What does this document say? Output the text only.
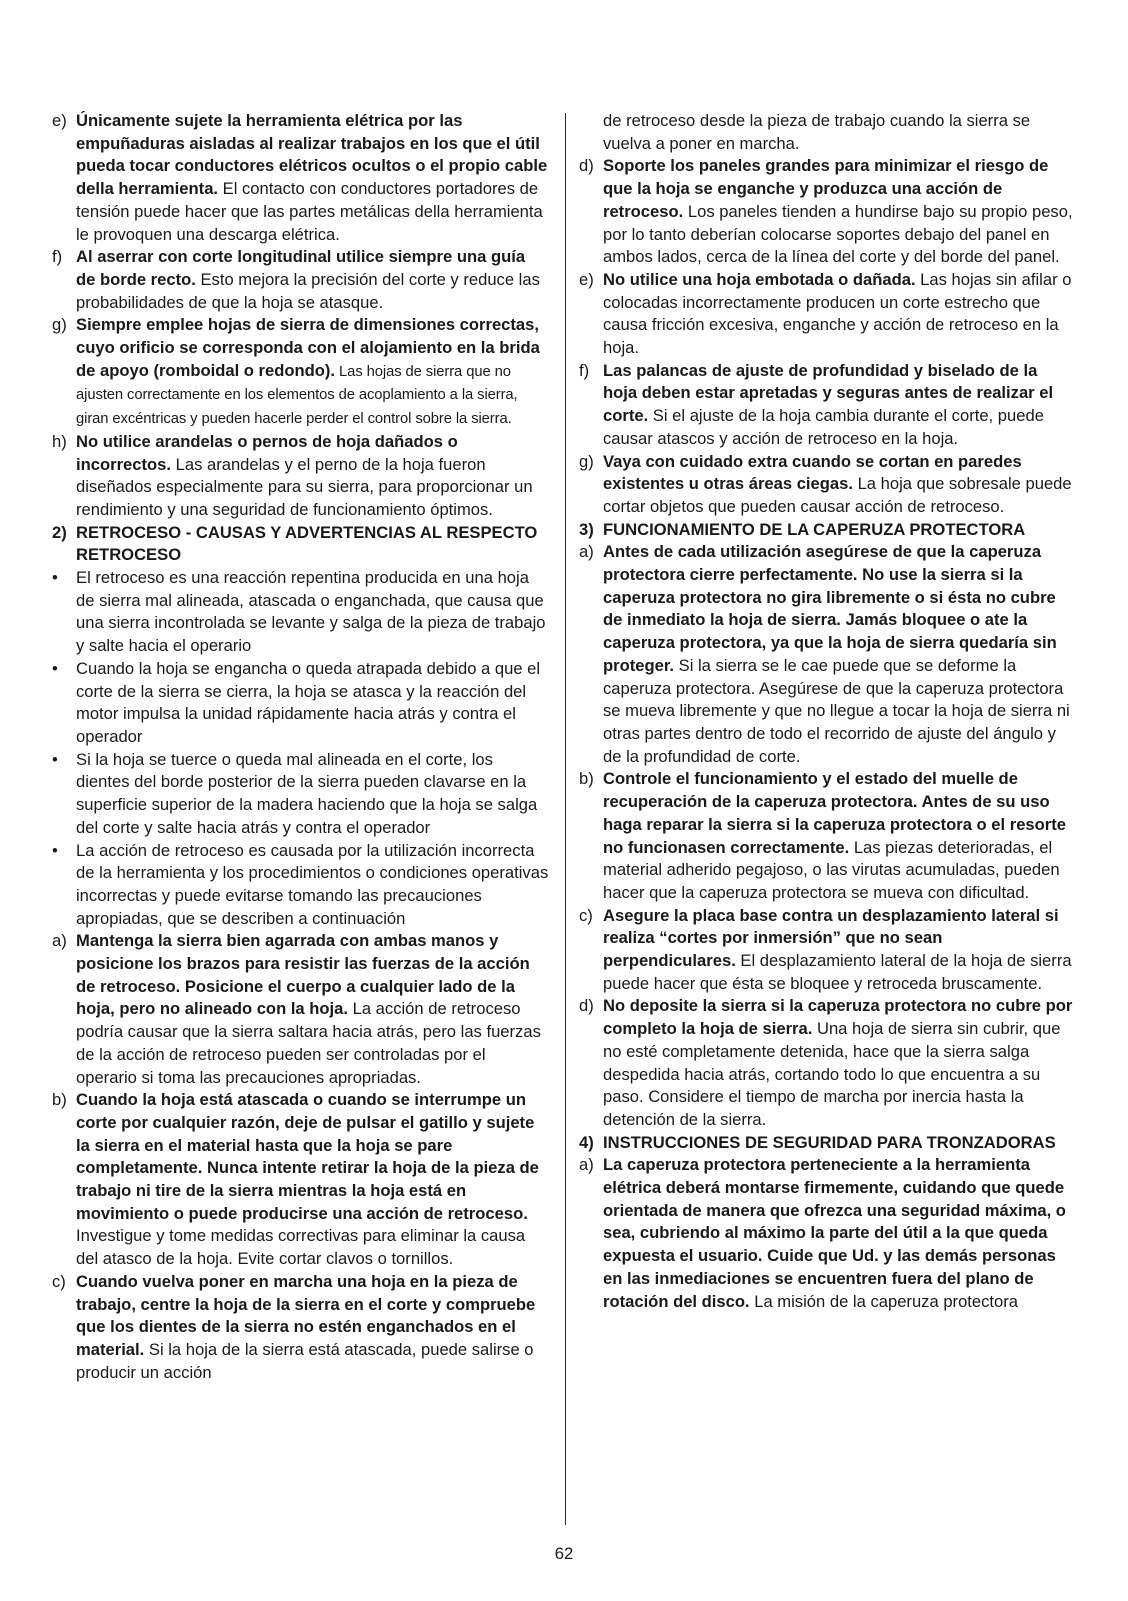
e) Únicamente sujete la herramienta elétrica por las empuñaduras aisladas al realizar trabajos en los que el útil pueda tocar conductores elétricos ocultos o el propio cable della herramienta. El contacto con conductores portadores de tensión puede hacer que las partes metálicas della herramienta le provoquen una descarga elétrica.
f) Al aserrar con corte longitudinal utilice siempre una guía de borde recto. Esto mejora la precisión del corte y reduce las probabilidades de que la hoja se atasque.
g) Siempre emplee hojas de sierra de dimensiones correctas, cuyo orificio se corresponda con el alojamiento en la brida de apoyo (romboidal o redondo). Las hojas de sierra que no ajusten correctamente en los elementos de acoplamiento a la sierra, giran excéntricas y pueden hacerle perder el control sobre la sierra.
h) No utilice arandelas o pernos de hoja dañados o incorrectos. Las arandelas y el perno de la hoja fueron diseñados especialmente para su sierra, para proporcionar un rendimiento y una seguridad de funcionamiento óptimos.
2) RETROCESO - CAUSAS Y ADVERTENCIAS AL RESPECTO RETROCESO
•	El retroceso es una reacción repentina producida en una hoja de sierra mal alineada, atascada o enganchada, que causa que una sierra incontrolada se levante y salga de la pieza de trabajo y salte hacia el operario
•	Cuando la hoja se engancha o queda atrapada debido a que el corte de la sierra se cierra, la hoja se atasca y la reacción del motor impulsa la unidad rápidamente hacia atrás y contra el operador
•	Si la hoja se tuerce o queda mal alineada en el corte, los dientes del borde posterior de la sierra pueden clavarse en la superficie superior de la madera haciendo que la hoja se salga del corte y salte hacia atrás y contra el operador
•	La acción de retroceso es causada por la utilización incorrecta de la herramienta y los procedimientos o condiciones operativas incorrectas y puede evitarse tomando las precauciones apropiadas, que se describen a continuación
a) Mantenga la sierra bien agarrada con ambas manos y posicione los brazos para resistir las fuerzas de la acción de retroceso. Posicione el cuerpo a cualquier lado de la hoja, pero no alineado con la hoja. La acción de retroceso podría causar que la sierra saltara hacia atrás, pero las fuerzas de la acción de retroceso pueden ser controladas por el operario si toma las precauciones apropriadas.
b) Cuando la hoja está atascada o cuando se interrumpe un corte por cualquier razón, deje de pulsar el gatillo y sujete la sierra en el material hasta que la hoja se pare completamente. Nunca intente retirar la hoja de la pieza de trabajo ni tire de la sierra mientras la hoja está en movimiento o puede producirse una acción de retroceso. Investigue y tome medidas correctivas para eliminar la causa del atasco de la hoja. Evite cortar clavos o tornillos.
c) Cuando vuelva poner en marcha una hoja en la pieza de trabajo, centre la hoja de la sierra en el corte y compruebe que los dientes de la sierra no estén enganchados en el material. Si la hoja de la sierra está atascada, puede salirse o producir un acción
de retroceso desde la pieza de trabajo cuando la sierra se vuelva a poner en marcha.
d) Soporte los paneles grandes para minimizar el riesgo de que la hoja se enganche y produzca una acción de retroceso. Los paneles tienden a hundirse bajo su propio peso, por lo tanto deberían colocarse soportes debajo del panel en ambos lados, cerca de la línea del corte y del borde del panel.
e) No utilice una hoja embotada o dañada. Las hojas sin afilar o colocadas incorrectamente producen un corte estrecho que causa fricción excesiva, enganche y acción de retroceso en la hoja.
f) Las palancas de ajuste de profundidad y biselado de la hoja deben estar apretadas y seguras antes de realizar el corte. Si el ajuste de la hoja cambia durante el corte, puede causar atascos y acción de retroceso en la hoja.
g) Vaya con cuidado extra cuando se cortan en paredes existentes u otras áreas ciegas. La hoja que sobresale puede cortar objetos que pueden causar acción de retroceso.
3) FUNCIONAMIENTO DE LA CAPERUZA PROTECTORA
a) Antes de cada utilización asegúrese de que la caperuza protectora cierre perfectamente. No use la sierra si la caperuza protectora no gira libremente o si ésta no cubre de inmediato la hoja de sierra. Jamás bloquee o ate la caperuza protectora, ya que la hoja de sierra quedaría sin proteger. Si la sierra se le cae puede que se deforme la caperuza protectora. Asegúrese de que la caperuza protectora se mueva libremente y que no llegue a tocar la hoja de sierra ni otras partes dentro de todo el recorrido de ajuste del ángulo y de la profundidad de corte.
b) Controle el funcionamiento y el estado del muelle de recuperación de la caperuza protectora. Antes de su uso haga reparar la sierra si la caperuza protectora o el resorte no funcionasen correctamente. Las piezas deterioradas, el material adherido pegajoso, o las virutas acumuladas, pueden hacer que la caperuza protectora se mueva con dificultad.
c) Asegure la placa base contra un desplazamiento lateral si realiza “cortes por inmersión” que no sean perpendiculares. El desplazamiento lateral de la hoja de sierra puede hacer que ésta se bloquee y retroceda bruscamente.
d) No deposite la sierra si la caperuza protectora no cubre por completo la hoja de sierra. Una hoja de sierra sin cubrir, que no esté completamente detenida, hace que la sierra salga despedida hacia atrás, cortando todo lo que encuentra a su paso. Considere el tiempo de marcha por inercia hasta la detención de la sierra.
4) INSTRUCCIONES DE SEGURIDAD PARA TRONZADORAS
a) La caperuza protectora perteneciente a la herramienta elétrica deberá montarse firmemente, cuidando que quede orientada de manera que ofrezca una seguridad máxima, o sea, cubriendo al máximo la parte del útil a la que queda expuesta el usuario. Cuide que Ud. y las demás personas en las inmediaciones se encuentren fuera del plano de rotación del disco. La misión de la caperuza protectora
62
